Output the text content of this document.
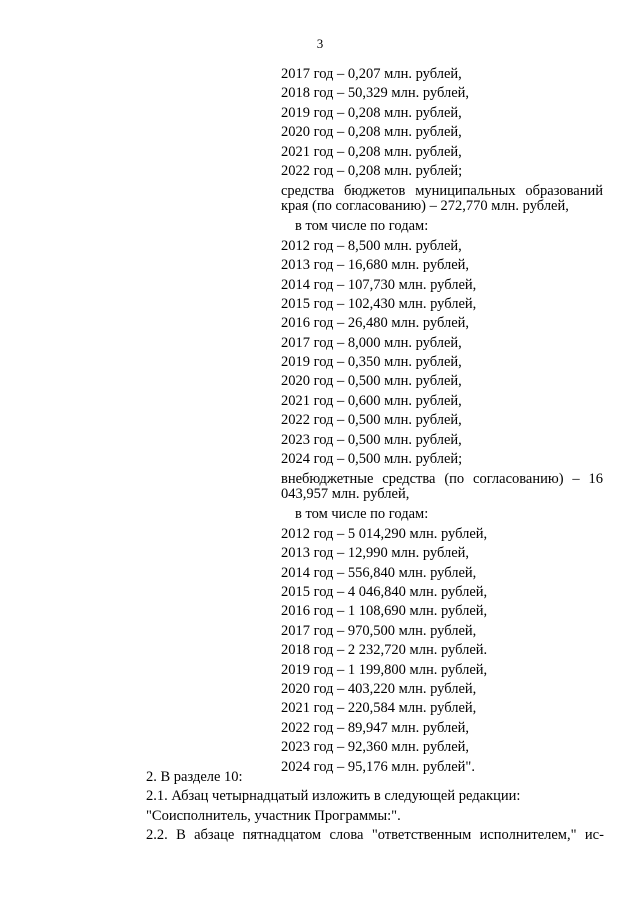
3
2017 год – 0,207 млн. рублей,
2018 год – 50,329 млн. рублей,
2019 год – 0,208 млн. рублей,
2020 год – 0,208 млн. рублей,
2021 год – 0,208 млн. рублей,
2022 год – 0,208 млн. рублей;
средства бюджетов муниципальных образований края (по согласованию) – 272,770 млн. рублей,
в том числе по годам:
2012 год – 8,500 млн. рублей,
2013 год – 16,680 млн. рублей,
2014 год – 107,730 млн. рублей,
2015 год – 102,430 млн. рублей,
2016 год – 26,480 млн. рублей,
2017 год – 8,000 млн. рублей,
2019 год – 0,350 млн. рублей,
2020 год – 0,500 млн. рублей,
2021 год – 0,600 млн. рублей,
2022 год – 0,500 млн. рублей,
2023 год – 0,500 млн. рублей,
2024 год – 0,500 млн. рублей;
внебюджетные средства (по согласованию) – 16 043,957 млн. рублей,
в том числе по годам:
2012 год – 5 014,290 млн. рублей,
2013 год – 12,990 млн. рублей,
2014 год – 556,840 млн. рублей,
2015 год – 4 046,840 млн. рублей,
2016 год – 1 108,690 млн. рублей,
2017 год – 970,500 млн. рублей,
2018 год – 2 232,720 млн. рублей.
2019 год – 1 199,800 млн. рублей,
2020 год – 403,220 млн. рублей,
2021 год – 220,584 млн. рублей,
2022 год – 89,947 млн. рублей,
2023 год – 92,360 млн. рублей,
2024 год – 95,176 млн. рублей".
2. В разделе 10:
2.1. Абзац четырнадцатый изложить в следующей редакции:
"Соисполнитель, участник Программы:".
2.2. В абзаце пятнадцатом слова "ответственным исполнителем," ис-
